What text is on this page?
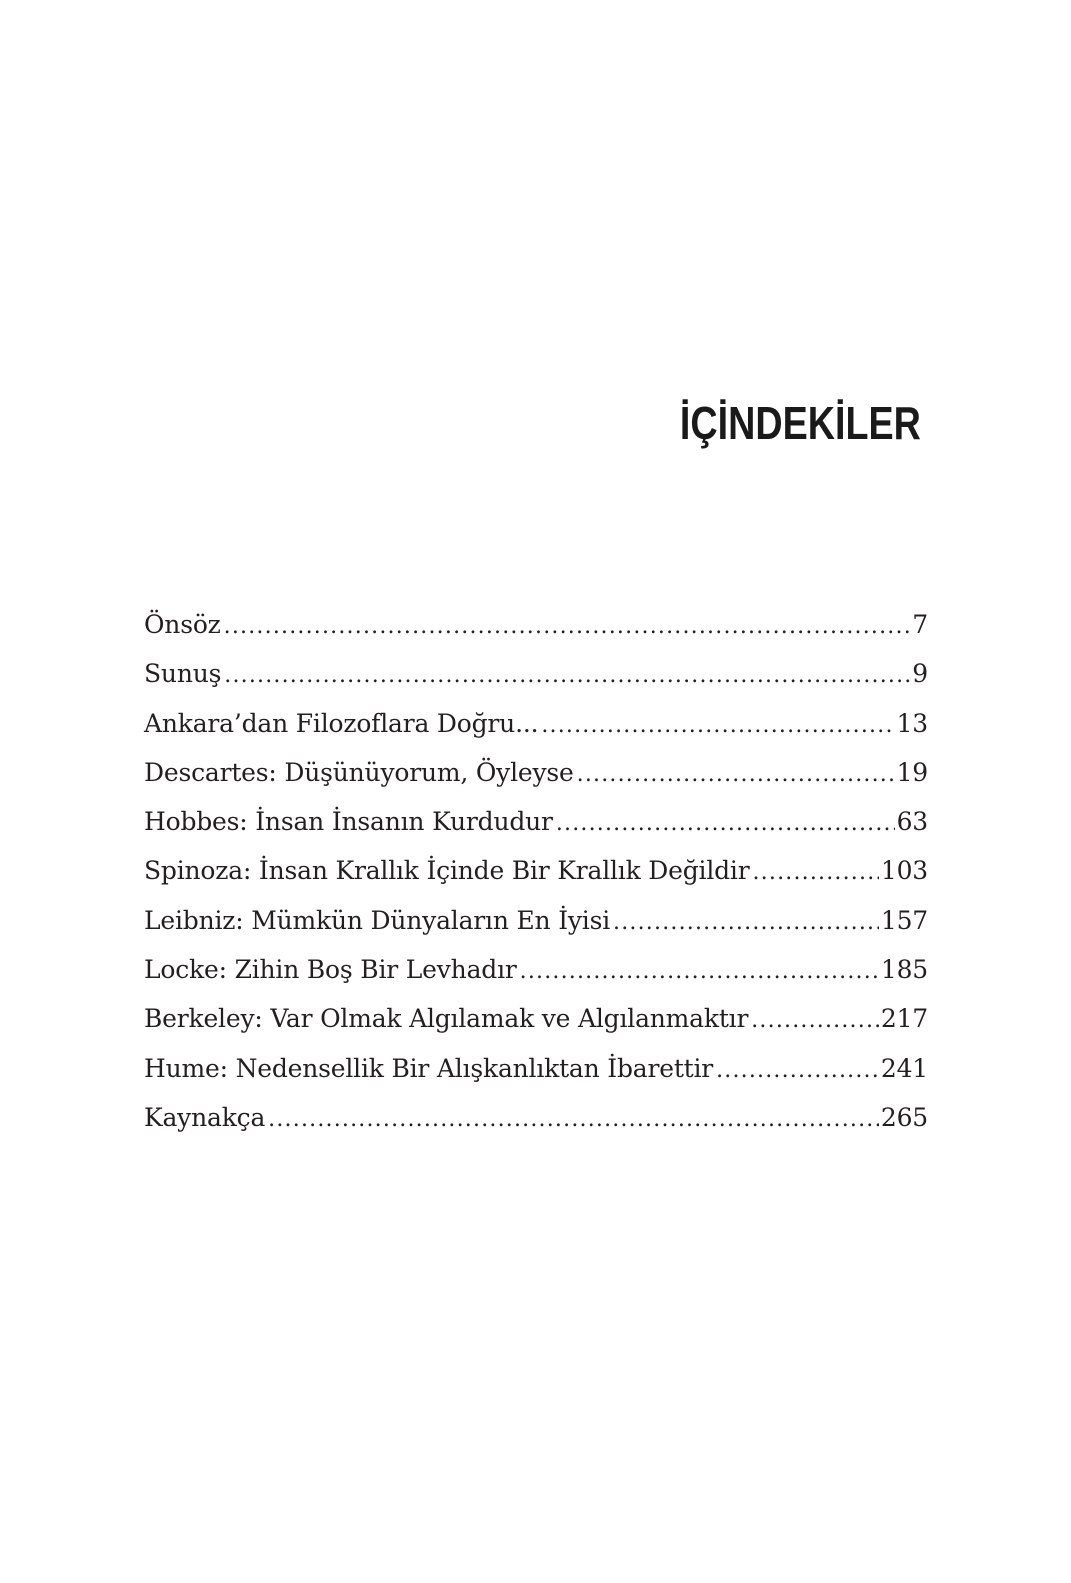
İÇİNDEKİLER
Önsöz .....	7
Sunuş .....	9
Ankara’dan Filozoflara Doğru... .....	13
Descartes: Düşünüyorum, Öyleyse .....	19
Hobbes: İnsan İnsanın Kurdudur .....	63
Spinoza: İnsan Krallık İçinde Bir Krallık Değildir .....	103
Leibniz: Mümkün Dünyaların En İyisi .....	157
Locke: Zihin Boş Bir Levhadır .....	185
Berkeley: Var Olmak Algılamak ve Algılanmaktır .....	217
Hume: Nedensellik Bir Alışkanlıktan İbarettir .....	241
Kaynakça .....	265
